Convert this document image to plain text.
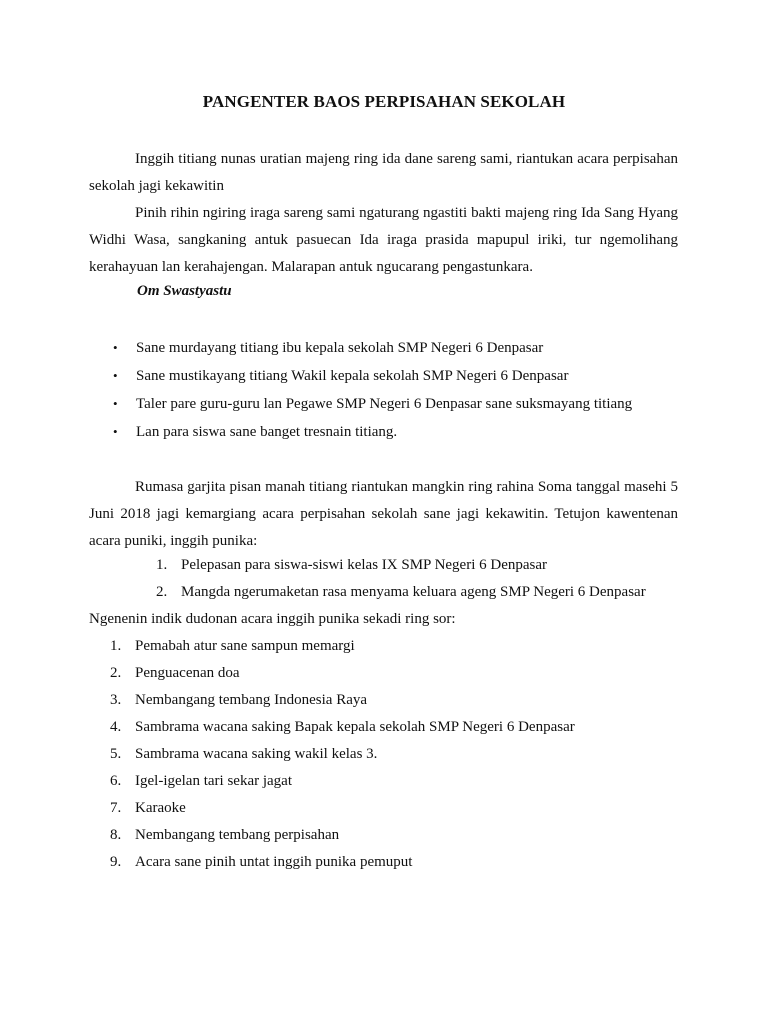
PANGENTER BAOS PERPISAHAN SEKOLAH

Inggih titiang nunas uratian majeng ring ida dane sareng sami, riantukan acara perpisahan sekolah jagi kekawitin

Pinih rihin ngiring iraga sareng sami ngaturang ngastiti bakti majeng ring Ida Sang Hyang Widhi Wasa, sangkaning antuk pasuecan Ida iraga prasida mapupul iriki, tur ngemolihang kerahayuan lan kerahajengan. Malarapan antuk ngucarang pengastunkara.

Om Swastyastu
• Sane murdayang titiang ibu kepala sekolah SMP Negeri 6 Denpasar
• Sane mustikayang titiang Wakil kepala sekolah SMP Negeri 6 Denpasar
• Taler pare guru-guru lan Pegawe SMP Negeri 6 Denpasar sane suksmayang titiang
• Lan para siswa sane banget tresnain titiang.

Rumasa garjita pisan manah titiang riantukan mangkin ring rahina Soma tanggal masehi 5 Juni 2018 jagi kemargiang acara perpisahan sekolah sane jagi kekawitin. Tetujon kawentenan acara puniki, inggih punika:

1. Pelepasan para siswa-siswi kelas IX SMP Negeri 6 Denpasar
2. Mangda ngerumaketan rasa menyama keluara ageng SMP Negeri 6 Denpasar
Ngenenin indik dudonan acara inggih punika sekadi ring sor:
1. Pemabah atur sane sampun memargi
2. Penguacenan doa
3. Nembangang tembang Indonesia Raya
4. Sambrama wacana saking Bapak kepala sekolah SMP Negeri 6 Denpasar
5. Sambrama wacana saking wakil kelas 3.
6. Igel-igelan tari sekar jagat
7. Karaoke
8. Nembangang tembang perpisahan
9. Acara sane pinih untat inggih punika pemuput
